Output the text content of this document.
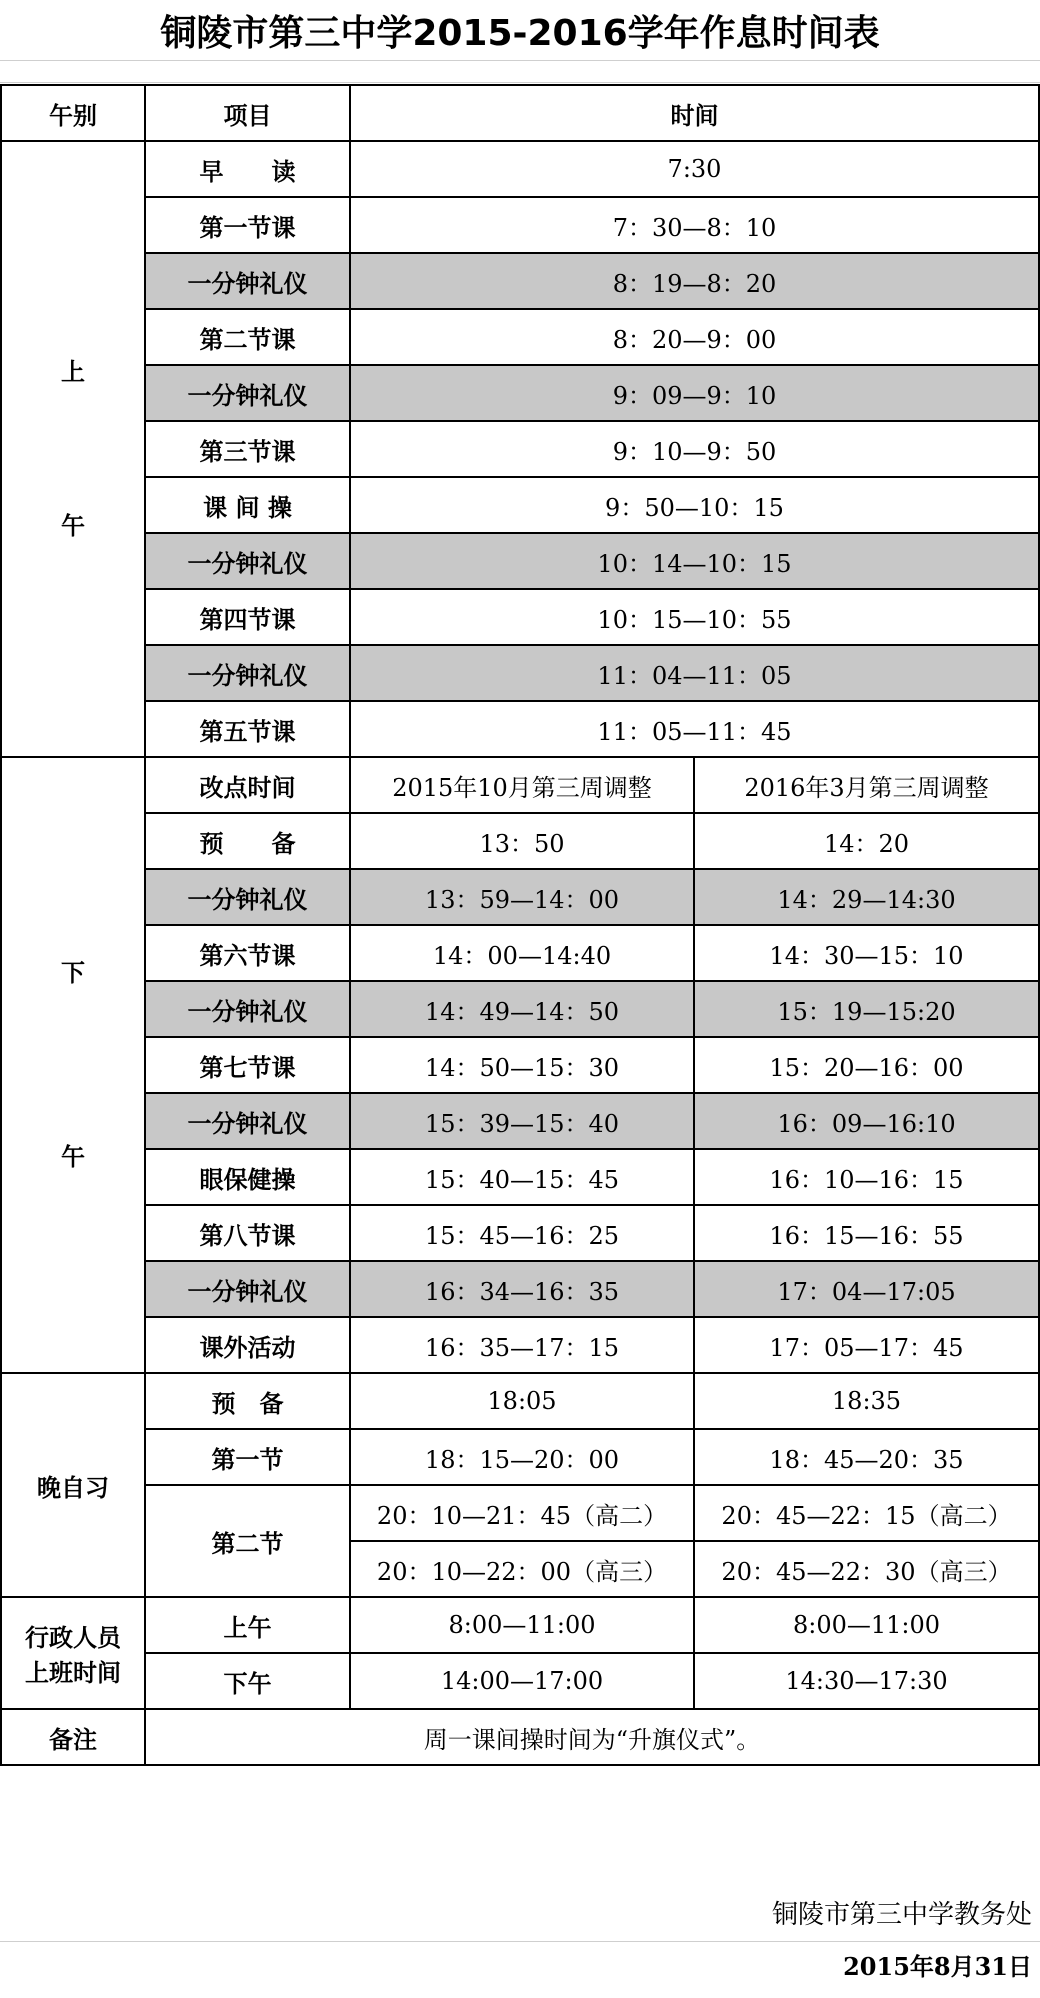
铜陵市第三中学2015-2016学年作息时间表
午别	项目	时间	

上
午	早　　读	7:30	
	第一节课	7：30—8：10	
	一分钟礼仪	8：19—8：20	
	第二节课	8：20—9：00	
	一分钟礼仪	9：09—9：10	
	第三节课	9：10—9：50	
	课 间 操	9：50—10：15	
	一分钟礼仪	10：14—10：15	
	第四节课	10：15—10：55	
	一分钟礼仪	11：04—11：05	
	第五节课	11：05—11：45	

下
午	改点时间	2015年10月第三周调整	2016年3月第三周调整
	预　　备	13：50	14：20
	一分钟礼仪	13：59—14：00	14：29—14:30
	第六节课	14：00—14:40	14：30—15：10
	一分钟礼仪	14：49—14：50	15：19—15:20
	第七节课	14：50—15：30	15：20—16：00
	一分钟礼仪	15：39—15：40	16：09—16:10
	眼保健操	15：40—15：45	16：10—16：15
	第八节课	15：45—16：25	16：15—16：55
	一分钟礼仪	16：34—16：35	17：04—17:05
	课外活动	16：35—17：15	17：05—17：45
晚自习	预　备	18:05	18:35
	第一节	18：15—20：00	18：45—20：35
	第二节	20：10—21：45（高二）	20：45—22：15（高二）
		20：10—22：00（高三）	20：45—22：30（高三）

行政人员
上班时间	上午	8:00—11:00	8:00—11:00
	下午	14:00—17:00	14:30—17:30
备注	周一课间操时间为“升旗仪式”。		
铜陵市第三中学教务处
2015年8月31日
